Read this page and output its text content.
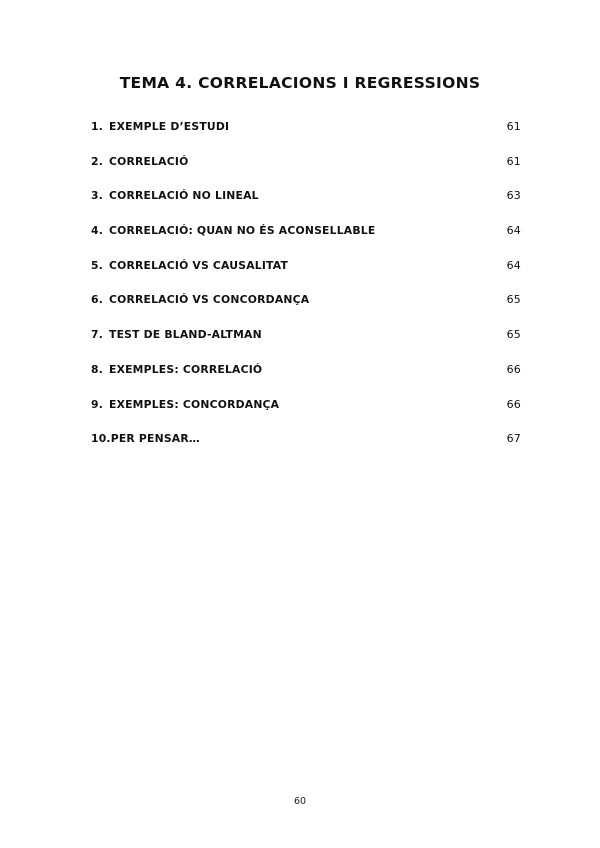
TEMA 4. CORRELACIONS I REGRESSIONS
1. EXEMPLE D’ESTUDI	61
2. CORRELACIÓ	61
3. CORRELACIÓ NO LINEAL	63
4. CORRELACIÓ: QUAN NO ÉS ACONSELLABLE	64
5. CORRELACIÓ VS CAUSALITAT	64
6. CORRELACIÓ VS CONCORDANÇA	65
7. TEST DE BLAND-ALTMAN	65
8. EXEMPLES: CORRELACIÓ	66
9. EXEMPLES: CONCORDANÇA	66
10. PER PENSAR…	67
60
